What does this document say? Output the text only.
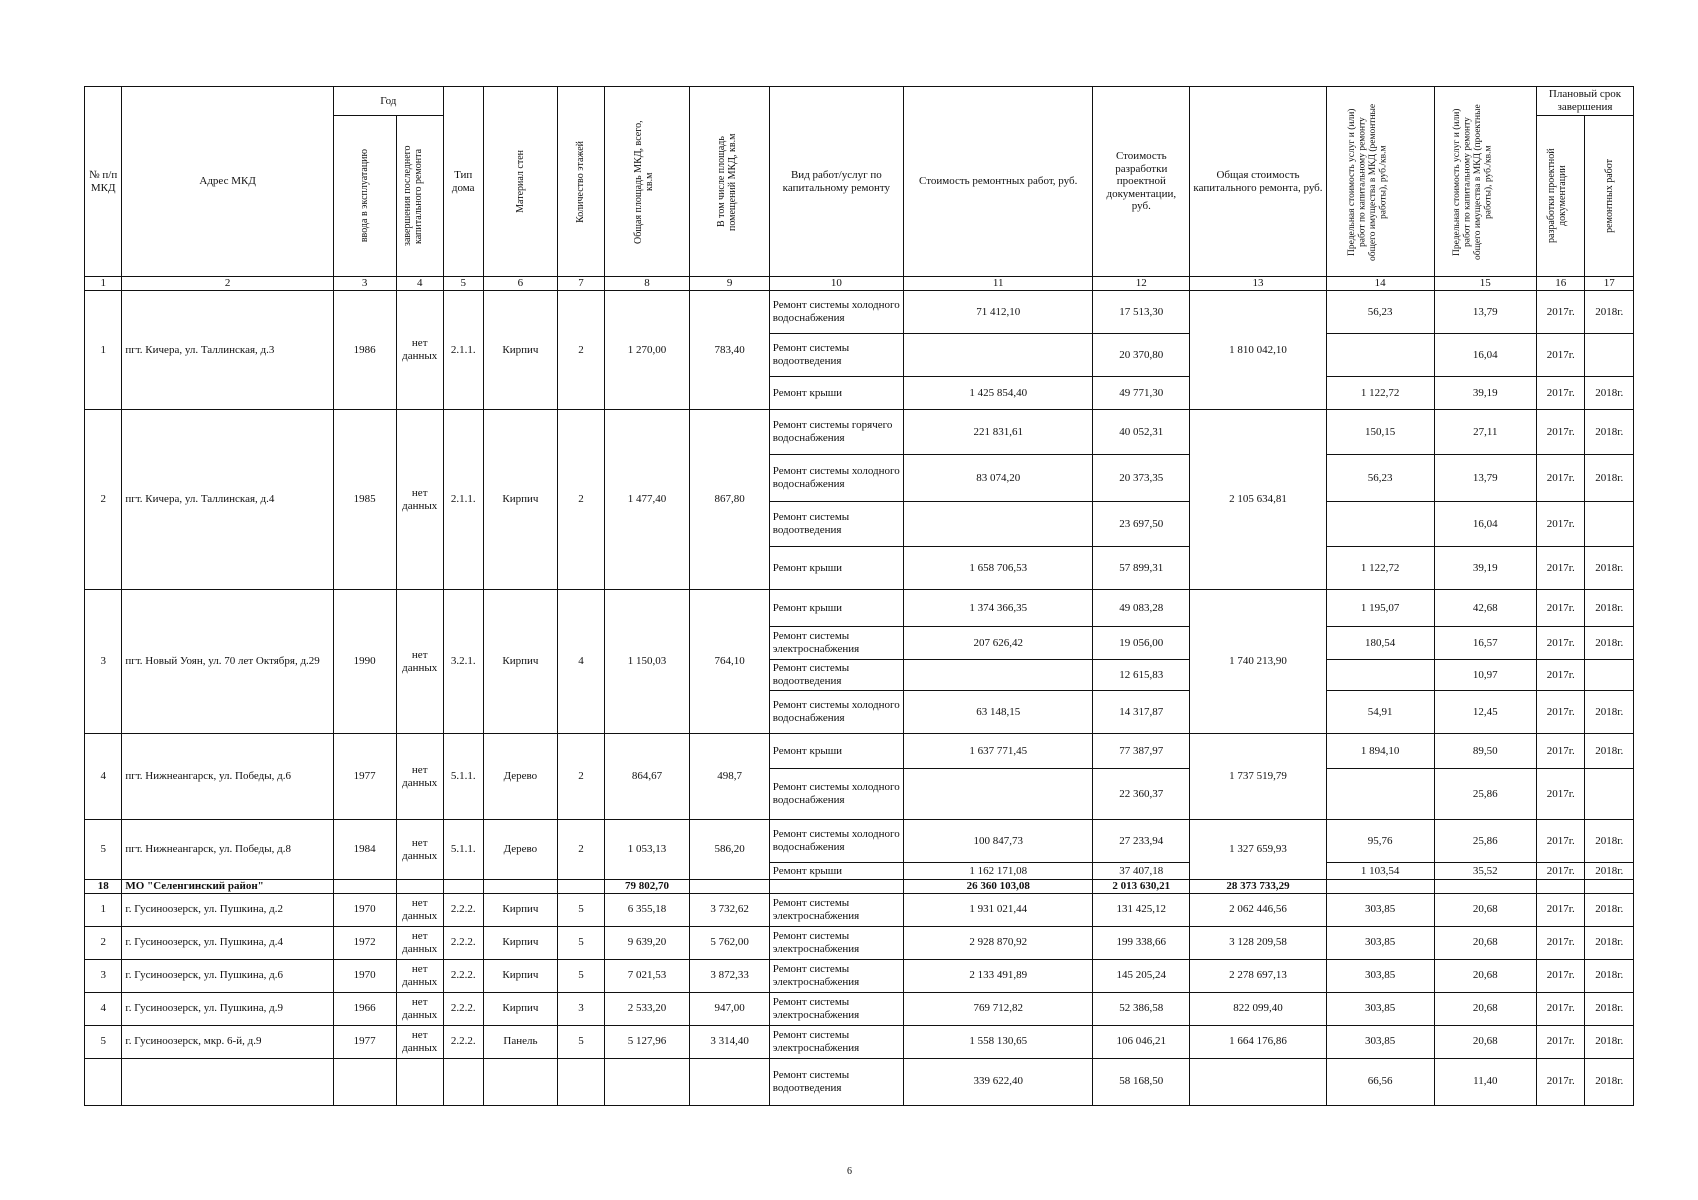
№ п/п МКД	Адрес МКД	Год		Тип дома	Материал стен	Количество этажей	Общая площадь МКД, всего, кв.м	В том числе площадь помещений МКД, кв.м	Вид работ/услуг по капитальному ремонту	Стоимость ремонтных работ, руб.	Стоимость разработки проектной документации, руб.	Общая стоимость капитального ремонта, руб.	Предельная стоимость услуг и (или) работ по капитальному ремонту общего имущества в МКД (ремонтные работы), руб./кв.м	Предельная стоимость услуг и (или) работ по капитальному ремонту общего имущества в МКД (проектные работы), руб./кв.м	Плановый срок завершения	

		ввода в эксплуатацию	завершения последнего капитального ремонта												разработки проектной документации	ремонтных работ

1	2	3	4	5	6	7	8	9	10	11	12	13	14	15	16	17
1	пгт. Кичера, ул. Таллинская, д.3	1986	нет данных	2.1.1.	Кирпич	2	1 270,00	783,40	Ремонт системы холодного водоснабжения	71 412,10	17 513,30	1 810 042,10	56,23	13,79	2017г.	2018г.
									Ремонт системы водоотведения		20 370,80			16,04	2017г.	
									Ремонт крыши	1 425 854,40	49 771,30		1 122,72	39,19	2017г.	2018г.
2	пгт. Кичера, ул. Таллинская, д.4	1985	нет данных	2.1.1.	Кирпич	2	1 477,40	867,80	Ремонт системы горячего водоснабжения	221 831,61	40 052,31	2 105 634,81	150,15	27,11	2017г.	2018г.
									Ремонт системы холодного водоснабжения	83 074,20	20 373,35		56,23	13,79	2017г.	2018г.
									Ремонт системы водоотведения		23 697,50			16,04	2017г.	
									Ремонт крыши	1 658 706,53	57 899,31		1 122,72	39,19	2017г.	2018г.
3	пгт. Новый Уоян, ул. 70 лет Октября, д.29	1990	нет данных	3.2.1.	Кирпич	4	1 150,03	764,10	Ремонт крыши	1 374 366,35	49 083,28	1 740 213,90	1 195,07	42,68	2017г.	2018г.
									Ремонт системы электроснабжения	207 626,42	19 056,00		180,54	16,57	2017г.	2018г.
									Ремонт системы водоотведения		12 615,83			10,97	2017г.	
									Ремонт системы холодного водоснабжения	63 148,15	14 317,87		54,91	12,45	2017г.	2018г.
4	пгт. Нижнеангарск, ул. Победы, д.6	1977	нет данных	5.1.1.	Дерево	2	864,67	498,7	Ремонт крыши	1 637 771,45	77 387,97	1 737 519,79	1 894,10	89,50	2017г.	2018г.
									Ремонт системы холодного водоснабжения		22 360,37			25,86	2017г.	
5	пгт. Нижнеангарск, ул. Победы, д.8	1984	нет данных	5.1.1.	Дерево	2	1 053,13	586,20	Ремонт системы холодного водоснабжения	100 847,73	27 233,94	1 327 659,93	95,76	25,86	2017г.	2018г.
									Ремонт крыши	1 162 171,08	37 407,18		1 103,54	35,52	2017г.	2018г.
18	МО "Селенгинский район"						79 802,70			26 360 103,08	2 013 630,21	28 373 733,29				
1	г. Гусиноозерск, ул. Пушкина, д.2	1970	нет данных	2.2.2.	Кирпич	5	6 355,18	3 732,62	Ремонт системы электроснабжения	1 931 021,44	131 425,12	2 062 446,56	303,85	20,68	2017г.	2018г.
2	г. Гусиноозерск, ул. Пушкина, д.4	1972	нет данных	2.2.2.	Кирпич	5	9 639,20	5 762,00	Ремонт системы электроснабжения	2 928 870,92	199 338,66	3 128 209,58	303,85	20,68	2017г.	2018г.
3	г. Гусиноозерск, ул. Пушкина, д.6	1970	нет данных	2.2.2.	Кирпич	5	7 021,53	3 872,33	Ремонт системы электроснабжения	2 133 491,89	145 205,24	2 278 697,13	303,85	20,68	2017г.	2018г.
4	г. Гусиноозерск, ул. Пушкина, д.9	1966	нет данных	2.2.2.	Кирпич	3	2 533,20	947,00	Ремонт системы электроснабжения	769 712,82	52 386,58	822 099,40	303,85	20,68	2017г.	2018г.
5	г. Гусиноозерск, мкр. 6-й, д.9	1977	нет данных	2.2.2.	Панель	5	5 127,96	3 314,40	Ремонт системы электроснабжения	1 558 130,65	106 046,21	1 664 176,86	303,85	20,68	2017г.	2018г.
									Ремонт системы водоотведения	339 622,40	58 168,50		66,56	11,40	2017г.	2018г.
6
